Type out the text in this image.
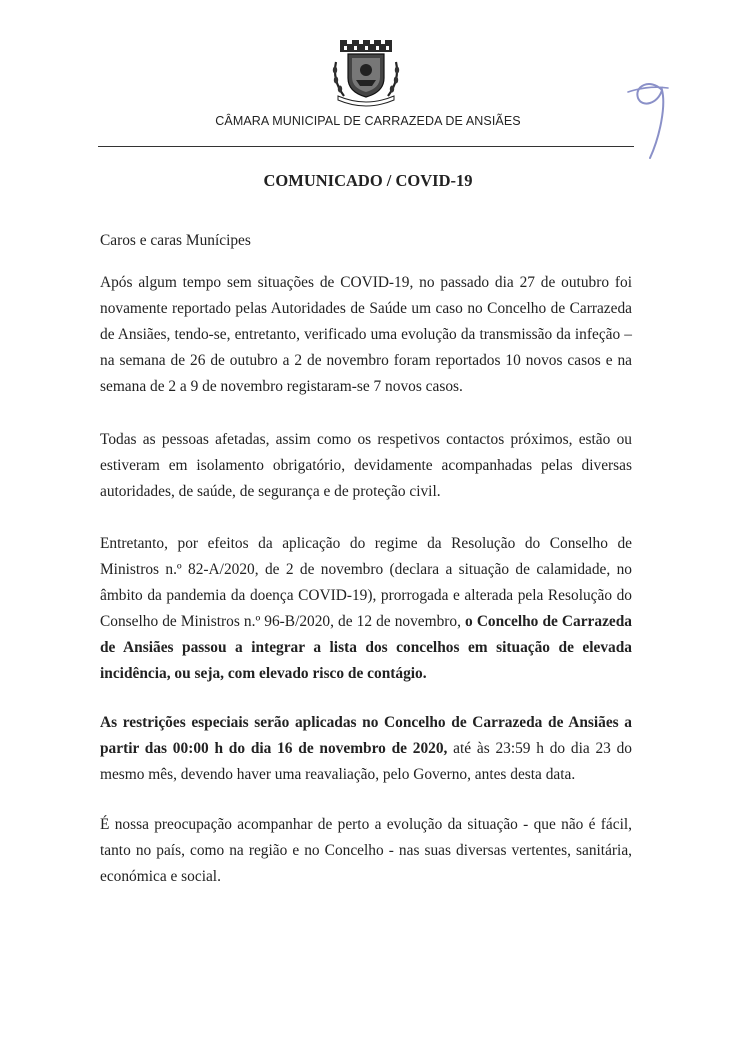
CÂMARA MUNICIPAL DE CARRAZEDA DE ANSIÃES
COMUNICADO / COVID-19
Caros e caras Munícipes
Após algum tempo sem situações de COVID-19, no passado dia 27 de outubro foi novamente reportado pelas Autoridades de Saúde um caso no Concelho de Carrazeda de Ansiães, tendo-se, entretanto, verificado uma evolução da transmissão da infeção – na semana de 26 de outubro a 2 de novembro foram reportados 10 novos casos e na semana de 2 a 9 de novembro registaram-se 7 novos casos.
Todas as pessoas afetadas, assim como os respetivos contactos próximos, estão ou estiveram em isolamento obrigatório, devidamente acompanhadas pelas diversas autoridades, de saúde, de segurança e de proteção civil.
Entretanto, por efeitos da aplicação do regime da Resolução do Conselho de Ministros n.º 82-A/2020, de 2 de novembro (declara a situação de calamidade, no âmbito da pandemia da doença COVID-19), prorrogada e alterada pela Resolução do Conselho de Ministros n.º 96-B/2020, de 12 de novembro, o Concelho de Carrazeda de Ansiães passou a integrar a lista dos concelhos em situação de elevada incidência, ou seja, com elevado risco de contágio.
As restrições especiais serão aplicadas no Concelho de Carrazeda de Ansiães a partir das 00:00 h do dia 16 de novembro de 2020, até às 23:59 h do dia 23 do mesmo mês, devendo haver uma reavaliação, pelo Governo, antes desta data.
É nossa preocupação acompanhar de perto a evolução da situação - que não é fácil, tanto no país, como na região e no Concelho - nas suas diversas vertentes, sanitária, económica e social.
